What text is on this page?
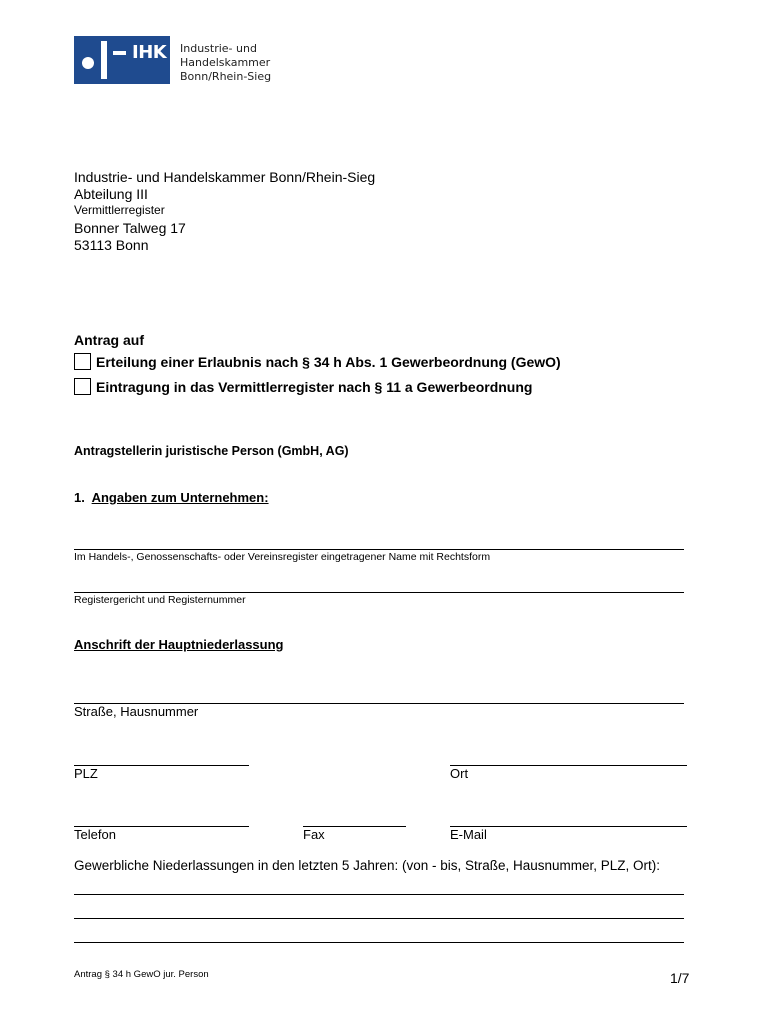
IHK Industrie- und Handelskammer
Bonn/Rhein-Sieg
Industrie- und Handelskammer Bonn/Rhein-Sieg
Abteilung III
Vermittlerregister
Bonner Talweg 17
53113 Bonn
Antrag auf
Erteilung einer Erlaubnis nach § 34 h Abs. 1 Gewerbeordnung (GewO)
Eintragung in das Vermittlerregister nach § 11 a Gewerbeordnung
Antragstellerin juristische Person (GmbH, AG)
1. Angaben zum Unternehmen:
Im Handels-, Genossenschafts- oder Vereinsregister eingetragener Name mit Rechtsform
Registergericht und Registernummer
Anschrift der Hauptniederlassung
Straße, Hausnummer
PLZ	Ort
Telefon	Fax	E-Mail
Gewerbliche Niederlassungen in den letzten 5 Jahren: (von - bis, Straße, Hausnummer, PLZ, Ort):
Antrag § 34 h GewO jur. Person	1/7
